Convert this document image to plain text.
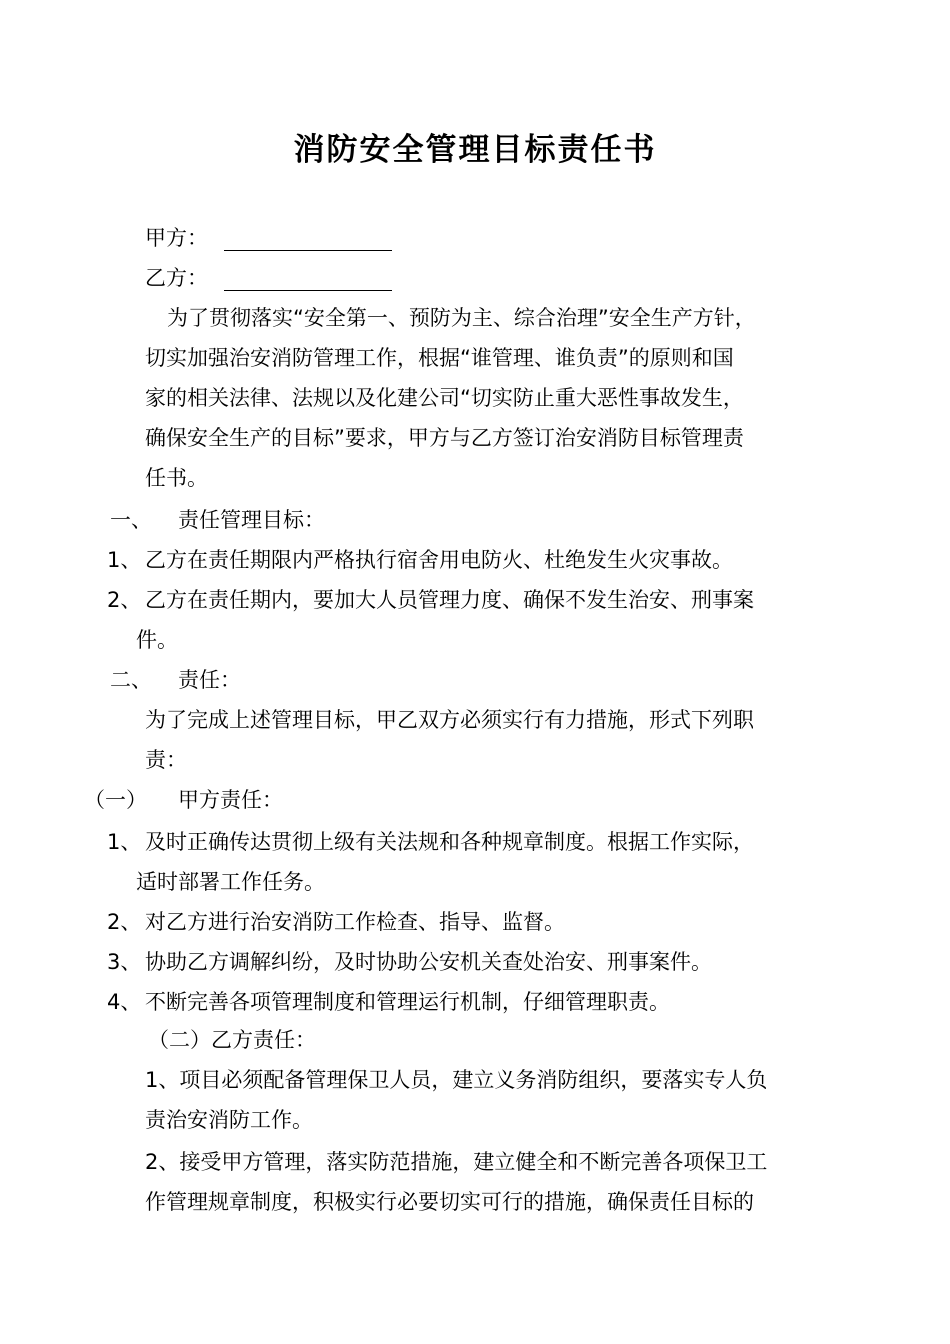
消防安全管理目标责任书
甲方：
乙方：
为了贯彻落实“安全第一、预防为主、综合治理”安全生产方针，
切实加强治安消防管理工作，根据“谁管理、谁负责”的原则和国
家的相关法律、法规以及化建公司“切实防止重大恶性事故发生，
确保安全生产的目标”要求，甲方与乙方签订治安消防目标管理责
任书。
一、 责任管理目标：
1、 乙方在责任期限内严格执行宿舍用电防火、杜绝发生火灾事故。
2、 乙方在责任期内，要加大人员管理力度、确保不发生治安、刑事案
件。
二、 责任：
为了完成上述管理目标，甲乙双方必须实行有力措施，形式下列职
责：
（一） 甲方责任：
1、 及时正确传达贯彻上级有关法规和各种规章制度。根据工作实际，
适时部署工作任务。
2、 对乙方进行治安消防工作检查、指导、监督。
3、 协助乙方调解纠纷，及时协助公安机关查处治安、刑事案件。
4、 不断完善各项管理制度和管理运行机制，仔细管理职责。
（二）乙方责任：
1、项目必须配备管理保卫人员，建立义务消防组织，要落实专人负
责治安消防工作。
2、接受甲方管理，落实防范措施，建立健全和不断完善各项保卫工
作管理规章制度，积极实行必要切实可行的措施，确保责任目标的
